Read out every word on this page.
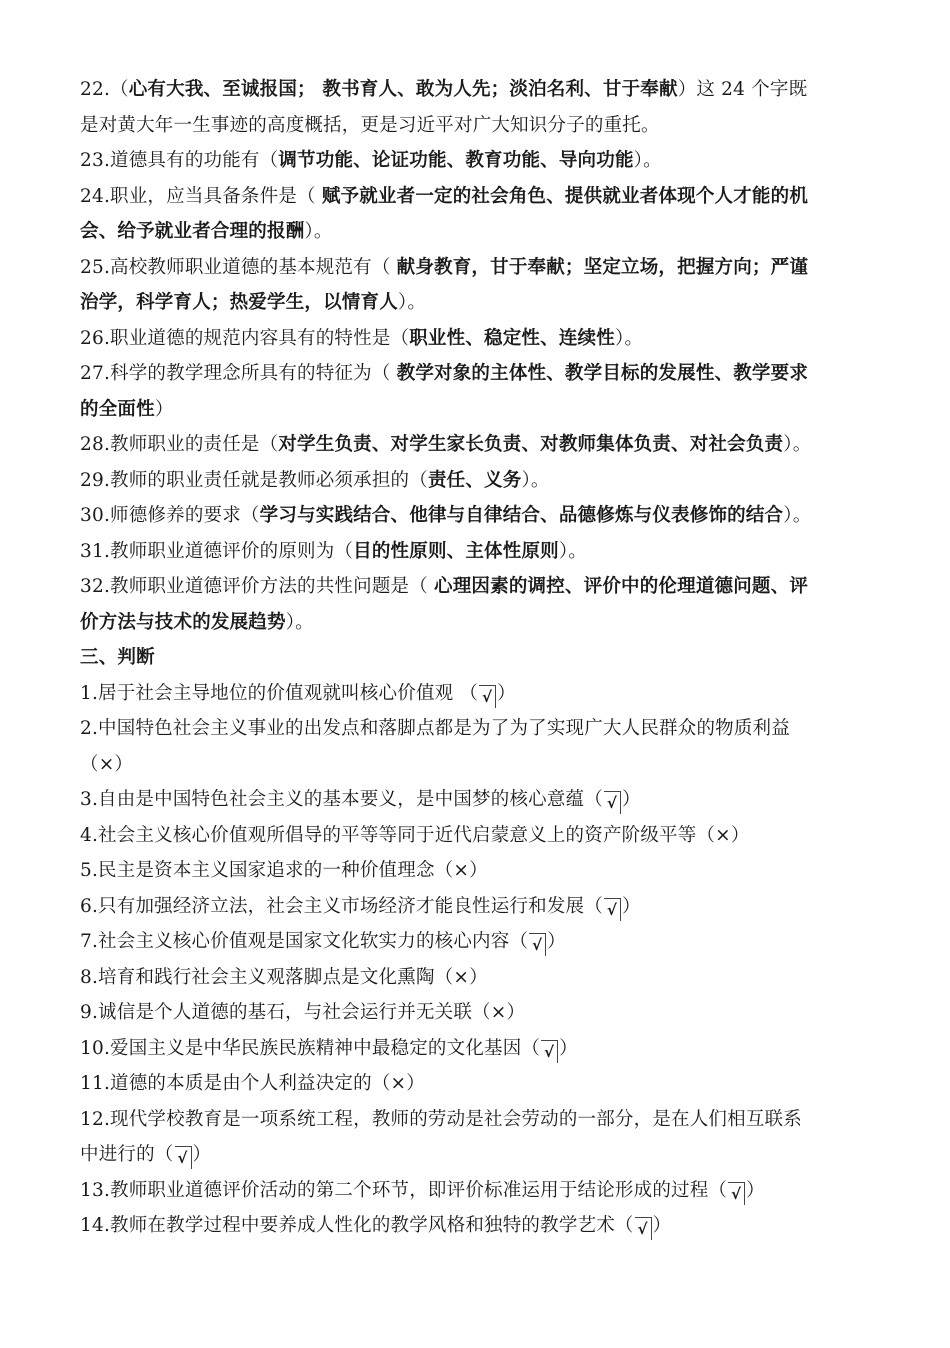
22.（心有大我、至诚报国； 教书育人、敢为人先；淡泊名利、甘于奉献）这 24 个字既
是对黄大年一生事迹的高度概括，更是习近平对广大知识分子的重托。
23.道德具有的功能有（调节功能、论证功能、教育功能、导向功能）。
24.职业，应当具备条件是（ 赋予就业者一定的社会角色、提供就业者体现个人才能的机
会、给予就业者合理的报酬）。
25.高校教师职业道德的基本规范有（ 献身教育，甘于奉献；坚定立场，把握方向；严谨
治学，科学育人；热爱学生，以情育人）。
26.职业道德的规范内容具有的特性是（职业性、稳定性、连续性）。
27.科学的教学理念所具有的特征为（ 教学对象的主体性、教学目标的发展性、教学要求
的全面性）
28.教师职业的责任是（对学生负责、对学生家长负责、对教师集体负责、对社会负责）。
29.教师的职业责任就是教师必须承担的（责任、义务）。
30.师德修养的要求（学习与实践结合、他律与自律结合、品德修炼与仪表修饰的结合）。
31.教师职业道德评价的原则为（目的性原则、主体性原则）。
32.教师职业道德评价方法的共性问题是（ 心理因素的调控、评价中的伦理道德问题、评
价方法与技术的发展趋势）。
三、判断
1.居于社会主导地位的价值观就叫核心价值观 （ √ ）
2.中国特色社会主义事业的出发点和落脚点都是为了为了实现广大人民群众的物质利益
（×）
3.自由是中国特色社会主义的基本要义，是中国梦的核心意蕴（ √ ）
4.社会主义核心价值观所倡导的平等等同于近代启蒙意义上的资产阶级平等（×）
5.民主是资本主义国家追求的一种价值理念（×）
6.只有加强经济立法，社会主义市场经济才能良性运行和发展（ √ ）
7.社会主义核心价值观是国家文化软实力的核心内容（ √ ）
8.培育和践行社会主义观落脚点是文化熏陶（×）
9.诚信是个人道德的基石，与社会运行并无关联（×）
10.爱国主义是中华民族民族精神中最稳定的文化基因（ √ ）
11.道德的本质是由个人利益决定的（×）
12.现代学校教育是一项系统工程，教师的劳动是社会劳动的一部分，是在人们相互联系
中进行的（ √ ）
13.教师职业道德评价活动的第二个环节，即评价标准运用于结论形成的过程（ √ ）
14.教师在教学过程中要养成人性化的教学风格和独特的教学艺术（ √ ）
